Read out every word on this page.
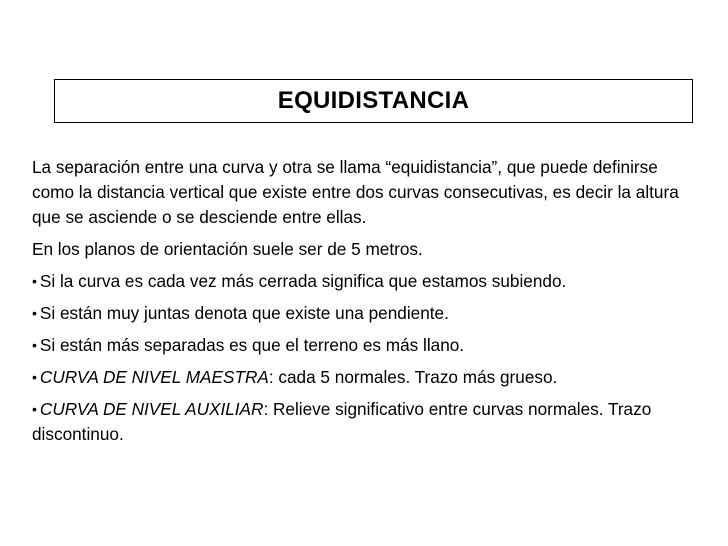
EQUIDISTANCIA

La separación entre una curva y otra se llama “equidistancia”, que puede definirse como la distancia vertical que existe entre dos curvas consecutivas, es decir la altura que se asciende o se desciende entre ellas.

En los planos de orientación suele ser de 5 metros.

• Si la curva es cada vez más cerrada significa que estamos subiendo.

• Si están muy juntas denota que existe una pendiente.

• Si están más separadas es que el terreno es más llano.

• CURVA DE NIVEL MAESTRA: cada 5 normales. Trazo más grueso.

• CURVA DE NIVEL AUXILIAR: Relieve significativo entre curvas normales. Trazo discontinuo.
